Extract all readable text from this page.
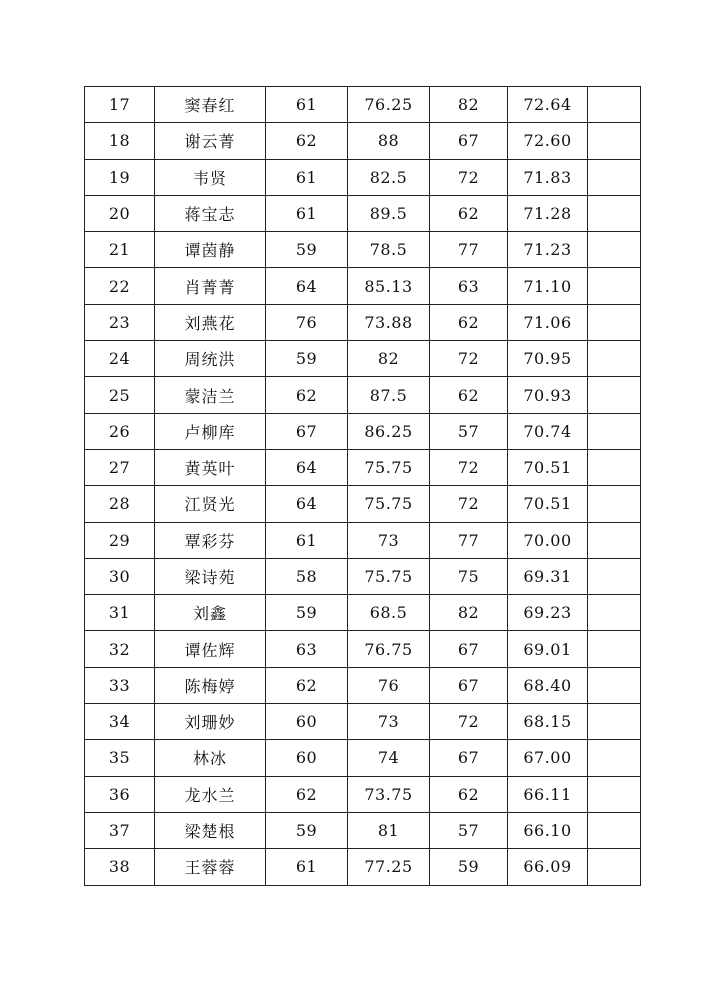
17	窦春红	61	76.25	82	72.64	
18	谢云菁	62	88	67	72.60	
19	韦贤	61	82.5	72	71.83	
20	蒋宝志	61	89.5	62	71.28	
21	谭茵静	59	78.5	77	71.23	
22	肖菁菁	64	85.13	63	71.10	
23	刘燕花	76	73.88	62	71.06	
24	周统洪	59	82	72	70.95	
25	蒙洁兰	62	87.5	62	70.93	
26	卢柳库	67	86.25	57	70.74	
27	黄英叶	64	75.75	72	70.51	
28	江贤光	64	75.75	72	70.51	
29	覃彩芬	61	73	77	70.00	
30	梁诗苑	58	75.75	75	69.31	
31	刘鑫	59	68.5	82	69.23	
32	谭佐辉	63	76.75	67	69.01	
33	陈梅婷	62	76	67	68.40	
34	刘珊妙	60	73	72	68.15	
35	林冰	60	74	67	67.00	
36	龙水兰	62	73.75	62	66.11	
37	梁楚根	59	81	57	66.10	
38	王蓉蓉	61	77.25	59	66.09	
